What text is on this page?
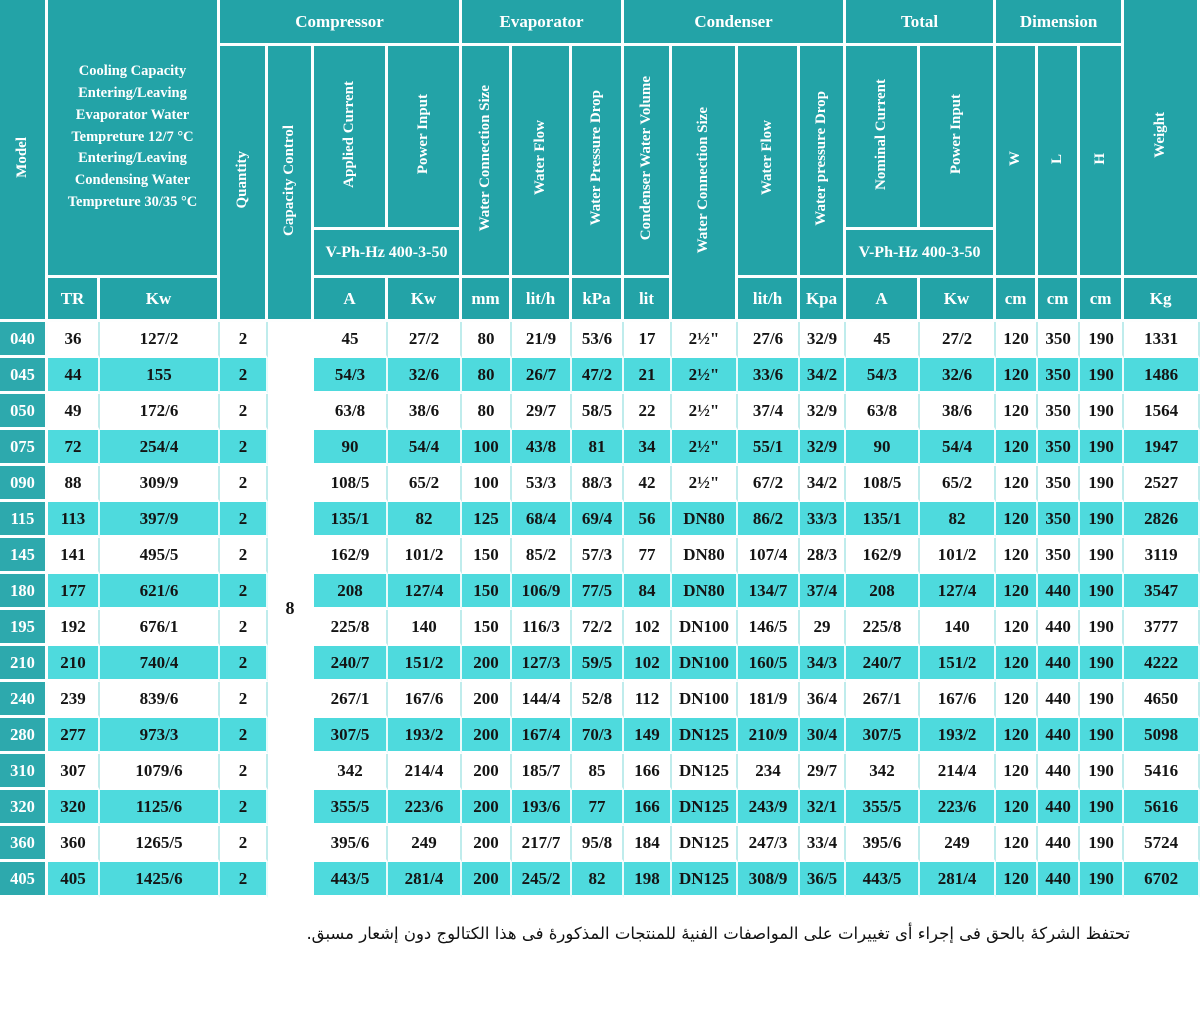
Model	Cooling Capacity Entering/Leaving Evaporator Water Tempreture 12/7 °C Entering/Leaving Condensing Water Tempreture 30/35 °C		Compressor				Evaporator			Condenser				Total		Dimension			Weight
			Quantity	Capacity Control	Applied Current	Power Input	Water Connection Size	Water Flow	Water Pressure Drop	Condenser Water Volume	Water Connection Size	Water Flow	Water pressure Drop	Nominal Current	Power Input	W	L	H	
					V-Ph-Hz 400-3-50									V-Ph-Hz 400-3-50					
	TR	Kw			A	Kw	mm	lit/h	kPa	lit		lit/h	Kpa	A	Kw	cm	cm	cm	Kg
040	36	127/2	2	8	45	27/2	80	21/9	53/6	17	2½"	27/6	32/9	45	27/2	120	350	190	1331
045	44	155	2		54/3	32/6	80	26/7	47/2	21	2½"	33/6	34/2	54/3	32/6	120	350	190	1486
050	49	172/6	2		63/8	38/6	80	29/7	58/5	22	2½"	37/4	32/9	63/8	38/6	120	350	190	1564
075	72	254/4	2		90	54/4	100	43/8	81	34	2½"	55/1	32/9	90	54/4	120	350	190	1947
090	88	309/9	2		108/5	65/2	100	53/3	88/3	42	2½"	67/2	34/2	108/5	65/2	120	350	190	2527
115	113	397/9	2		135/1	82	125	68/4	69/4	56	DN80	86/2	33/3	135/1	82	120	350	190	2826
145	141	495/5	2		162/9	101/2	150	85/2	57/3	77	DN80	107/4	28/3	162/9	101/2	120	350	190	3119
180	177	621/6	2		208	127/4	150	106/9	77/5	84	DN80	134/7	37/4	208	127/4	120	440	190	3547
195	192	676/1	2		225/8	140	150	116/3	72/2	102	DN100	146/5	29	225/8	140	120	440	190	3777
210	210	740/4	2		240/7	151/2	200	127/3	59/5	102	DN100	160/5	34/3	240/7	151/2	120	440	190	4222
240	239	839/6	2		267/1	167/6	200	144/4	52/8	112	DN100	181/9	36/4	267/1	167/6	120	440	190	4650
280	277	973/3	2		307/5	193/2	200	167/4	70/3	149	DN125	210/9	30/4	307/5	193/2	120	440	190	5098
310	307	1079/6	2		342	214/4	200	185/7	85	166	DN125	234	29/7	342	214/4	120	440	190	5416
320	320	1125/6	2		355/5	223/6	200	193/6	77	166	DN125	243/9	32/1	355/5	223/6	120	440	190	5616
360	360	1265/5	2		395/6	249	200	217/7	95/8	184	DN125	247/3	33/4	395/6	249	120	440	190	5724
405	405	1425/6	2		443/5	281/4	200	245/2	82	198	DN125	308/9	36/5	443/5	281/4	120	440	190	6702
تحتفظ الشركۀ بالحق فى إجراء أى تغييرات على المواصفات الفنيۀ للمنتجات المذكورۀ فى هذا الكتالوج دون إشعار مسبق.
